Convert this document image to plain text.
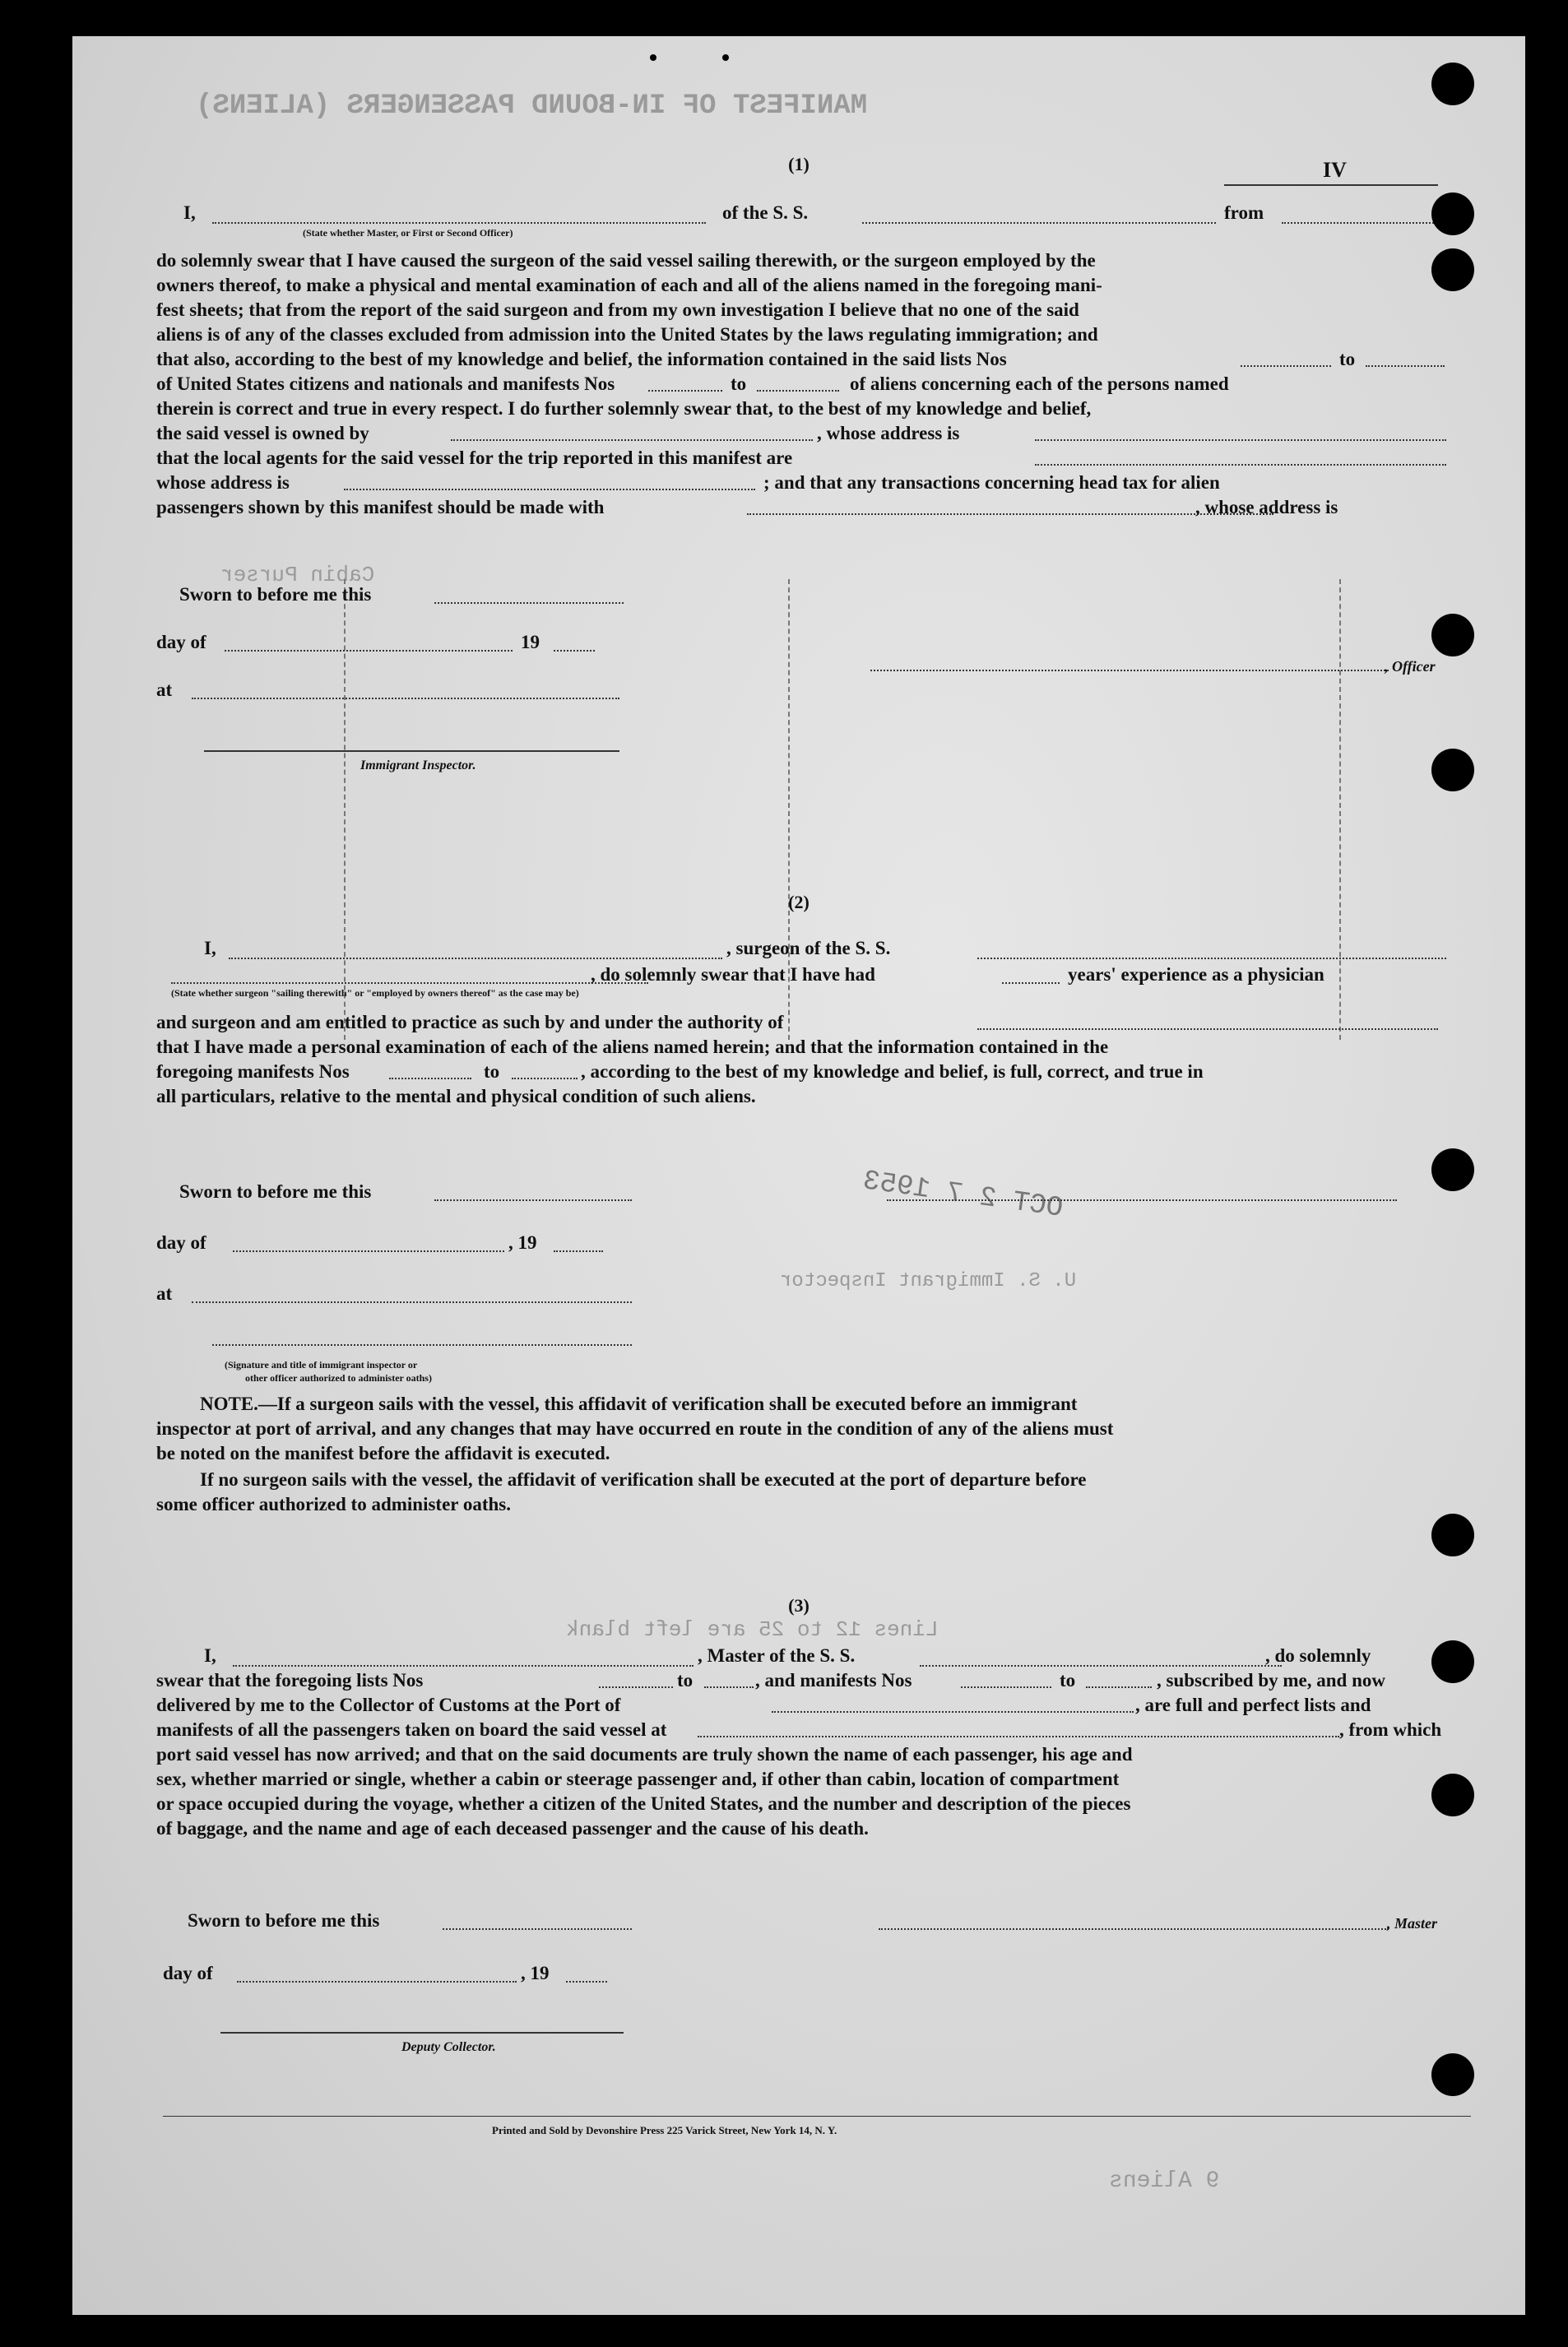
MANIFEST OF IN-BOUND PASSENGERS (ALIENS)
Lines 12 to 25 are left blank
9 Aliens
U. S. Immigrant Inspector
Cabin Purser
OCT 2 7 1953
(1)	IV
I,	of the S. S.	from
(State whether Master, or First or Second Officer)
do solemnly swear that I have caused the surgeon of the said vessel sailing therewith, or the surgeon employed by the
owners thereof, to make a physical and mental examination of each and all of the aliens named in the foregoing mani-
fest sheets; that from the report of the said surgeon and from my own investigation I believe that no one of the said
aliens is of any of the classes excluded from admission into the United States by the laws regulating immigration; and
that also, according to the best of my knowledge and belief, the information contained in the said lists Nos	to
of United States citizens and nationals and manifests Nos	to	of aliens concerning each of the persons named
therein is correct and true in every respect. I do further solemnly swear that, to the best of my knowledge and belief,
the said vessel is owned by	, whose address is
that the local agents for the said vessel for the trip reported in this manifest are
whose address is	; and that any transactions concerning head tax for alien
passengers shown by this manifest should be made with	, whose address is
Sworn to before me this
day of	19
, Officer
at
Immigrant Inspector.
(2)
I,	, surgeon of the S. S.
, do solemnly swear that I have had	years' experience as a physician
(State whether surgeon "sailing therewith" or "employed by owners thereof" as the case may be)
and surgeon and am entitled to practice as such by and under the authority of
that I have made a personal examination of each of the aliens named herein; and that the information contained in the
foregoing manifests Nos	to	, according to the best of my knowledge and belief, is full, correct, and true in
all particulars, relative to the mental and physical condition of such aliens.
Sworn to before me this
day of	, 19
at
(Signature and title of immigrant inspector or
other officer authorized to administer oaths)
NOTE.—If a surgeon sails with the vessel, this affidavit of verification shall be executed before an immigrant
inspector at port of arrival, and any changes that may have occurred en route in the condition of any of the aliens must
be noted on the manifest before the affidavit is executed.
If no surgeon sails with the vessel, the affidavit of verification shall be executed at the port of departure before
some officer authorized to administer oaths.
(3)
I,	, Master of the S. S.	, do solemnly
swear that the foregoing lists Nos	to	, and manifests Nos	to	, subscribed by me, and now
delivered by me to the Collector of Customs at the Port of	, are full and perfect lists and
manifests of all the passengers taken on board the said vessel at	, from which
port said vessel has now arrived; and that on the said documents are truly shown the name of each passenger, his age and
sex, whether married or single, whether a cabin or steerage passenger and, if other than cabin, location of compartment
or space occupied during the voyage, whether a citizen of the United States, and the number and description of the pieces
of baggage, and the name and age of each deceased passenger and the cause of his death.
Sworn to before me this	, Master
day of	, 19
Deputy Collector.
Printed and Sold by Devonshire Press 225 Varick Street, New York 14, N. Y.
